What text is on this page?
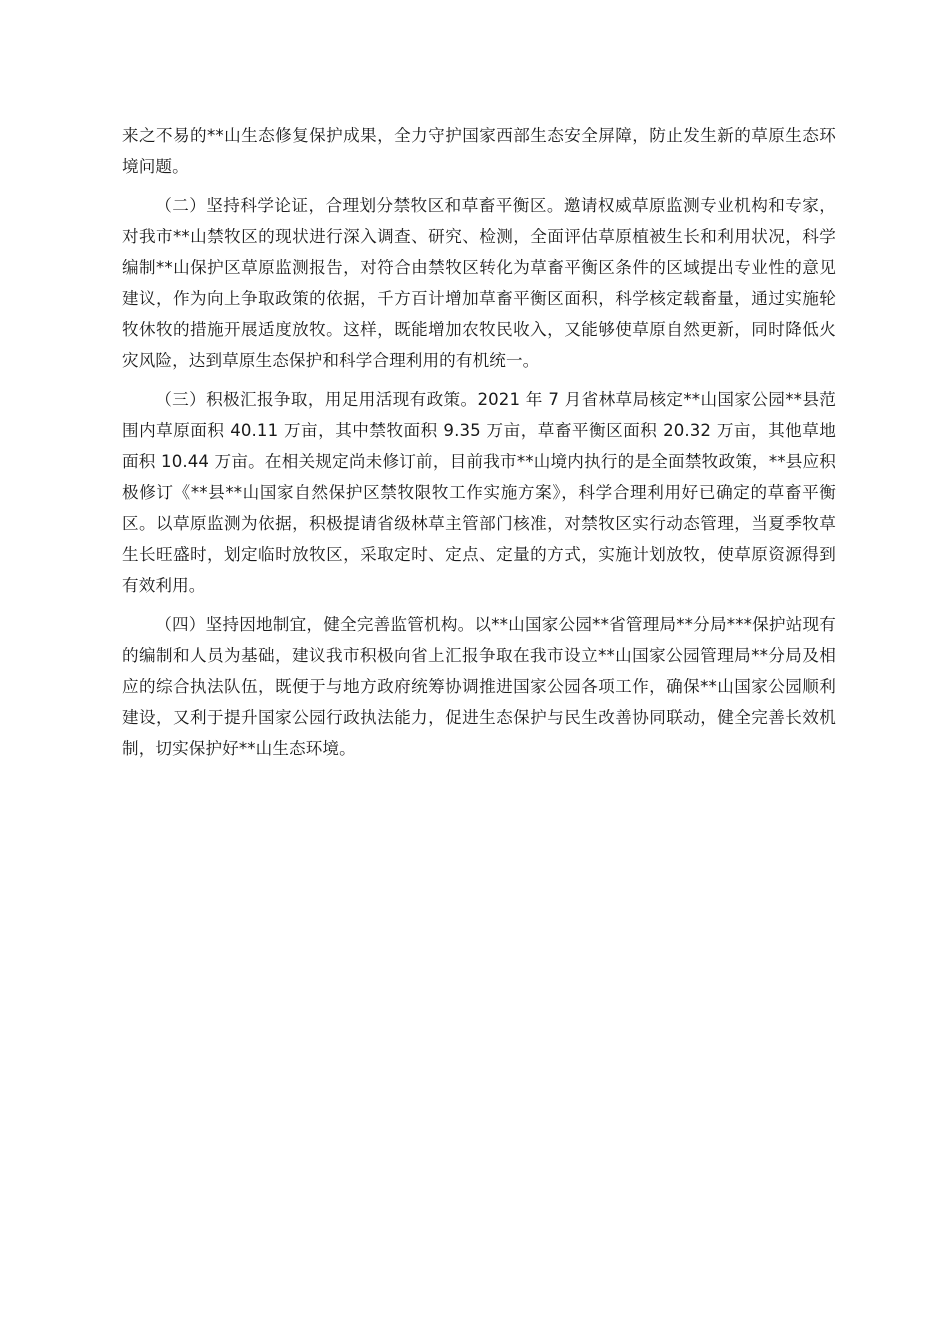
来之不易的**山生态修复保护成果，全力守护国家西部生态安全屏障，防止发生新的草原生态环境问题。

（二）坚持科学论证，合理划分禁牧区和草畜平衡区。邀请权威草原监测专业机构和专家，对我市**山禁牧区的现状进行深入调查、研究、检测，全面评估草原植被生长和利用状况，科学编制**山保护区草原监测报告，对符合由禁牧区转化为草畜平衡区条件的区域提出专业性的意见建议，作为向上争取政策的依据，千方百计增加草畜平衡区面积，科学核定载畜量，通过实施轮牧休牧的措施开展适度放牧。这样，既能增加农牧民收入，又能够使草原自然更新，同时降低火灾风险，达到草原生态保护和科学合理利用的有机统一。

（三）积极汇报争取，用足用活现有政策。2021 年 7 月省林草局核定**山国家公园**县范围内草原面积 40.11 万亩，其中禁牧面积 9.35 万亩，草畜平衡区面积 20.32 万亩，其他草地面积 10.44 万亩。在相关规定尚未修订前，目前我市**山境内执行的是全面禁牧政策，**县应积极修订《**县**山国家自然保护区禁牧限牧工作实施方案》，科学合理利用好已确定的草畜平衡区。以草原监测为依据，积极提请省级林草主管部门核准，对禁牧区实行动态管理，当夏季牧草生长旺盛时，划定临时放牧区，采取定时、定点、定量的方式，实施计划放牧，使草原资源得到有效利用。

（四）坚持因地制宜，健全完善监管机构。以**山国家公园**省管理局**分局***保护站现有的编制和人员为基础，建议我市积极向省上汇报争取在我市设立**山国家公园管理局**分局及相应的综合执法队伍，既便于与地方政府统筹协调推进国家公园各项工作，确保**山国家公园顺利建设，又利于提升国家公园行政执法能力，促进生态保护与民生改善协同联动，健全完善长效机制，切实保护好**山生态环境。
